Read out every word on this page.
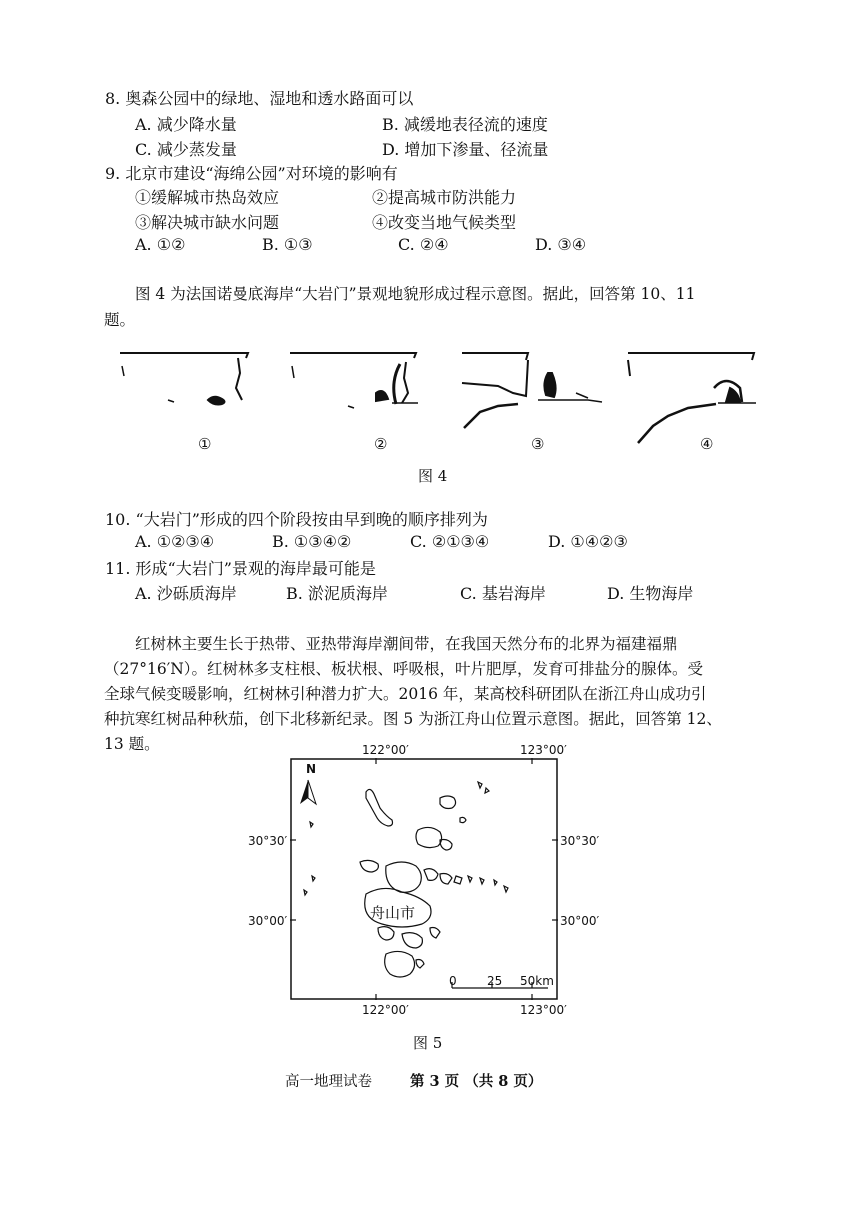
8. 奥森公园中的绿地、湿地和透水路面可以
A. 减少降水量	B. 减缓地表径流的速度
C. 减少蒸发量	D. 增加下渗量、径流量
9. 北京市建设“海绵公园”对环境的影响有
①缓解城市热岛效应	②提高城市防洪能力
③解决城市缺水问题	④改变当地气候类型
A. ①②	B. ①③	C. ②④	D. ③④
图 4 为法国诺曼底海岸“大岩门”景观地貌形成过程示意图。据此，回答第 10、11
题。
①	②	③	④
图 4
10. “大岩门”形成的四个阶段按由早到晚的顺序排列为
A. ①②③④	B. ①③④②	C. ②①③④	D. ①④②③
11. 形成“大岩门”景观的海岸最可能是
A. 沙砾质海岸	B. 淤泥质海岸	C. 基岩海岸	D. 生物海岸
红树林主要生长于热带、亚热带海岸潮间带，在我国天然分布的北界为福建福鼎
（27°16′N）。红树林多支柱根、板状根、呼吸根，叶片肥厚，发育可排盐分的腺体。受
全球气候变暖影响，红树林引种潜力扩大。2016 年，某高校科研团队在浙江舟山成功引
种抗寒红树品种秋茄，创下北移新纪录。图 5 为浙江舟山位置示意图。据此，回答第 12、
13 题。	122°00′	123°00′
30°30′
30°00′
30°30′
30°00′
122°00′	123°00′
N
舟山市
0	25 50km
图 5
高一地理试卷	第 3 页 （共 8 页）
